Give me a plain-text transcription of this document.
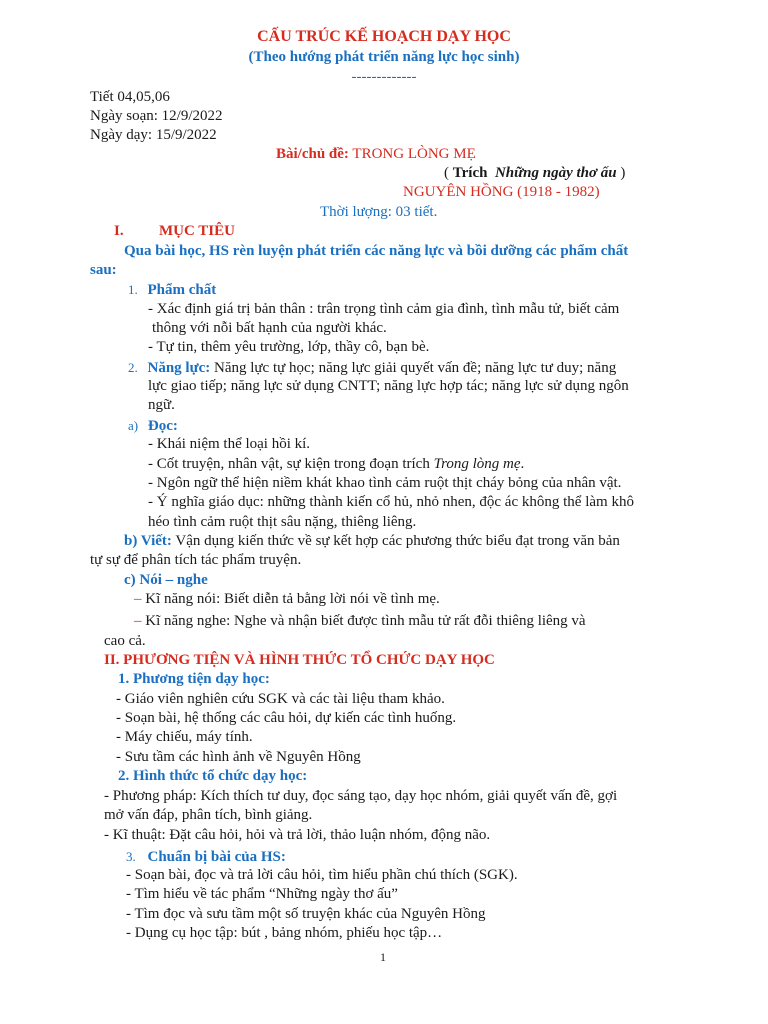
CẤU TRÚC KẾ HOẠCH DẠY HỌC
(Theo hướng phát triển năng lực học sinh)
-------------
Tiết 04,05,06
Ngày soạn: 12/9/2022
Ngày dạy: 15/9/2022
Bài/chủ đề: TRONG LÒNG MẸ
( Trích Những ngày thơ ấu )
NGUYÊN HỒNG (1918 - 1982)
Thời lượng: 03 tiết.
I. MỤC TIÊU
Qua bài học, HS rèn luyện phát triển các năng lực và bồi dưỡng các phẩm chất
sau:
1. Phẩm chất
- Xác định giá trị bản thân : trân trọng tình cảm gia đình, tình mẫu tử, biết cảm
thông với nỗi bất hạnh của người khác.
- Tự tin, thêm yêu trường, lớp, thầy cô, bạn bè.
2. Năng lực: Năng lực tự học; năng lực giải quyết vấn đề; năng lực tư duy; năng
lực giao tiếp; năng lực sử dụng CNTT; năng lực hợp tác; năng lực sử dụng ngôn
ngữ.
a) Đọc:
- Khái niệm thể loại hồi kí.
- Cốt truyện, nhân vật, sự kiện trong đoạn trích Trong lòng mẹ.
- Ngôn ngữ thể hiện niềm khát khao tình cảm ruột thịt cháy bỏng của nhân vật.
- Ý nghĩa giáo dục: những thành kiến cổ hủ, nhỏ nhen, độc ác không thể làm khô
héo tình cảm ruột thịt sâu nặng, thiêng liêng.
b) Viết: Vận dụng kiến thức về sự kết hợp các phương thức biểu đạt trong văn bản
tự sự để phân tích tác phẩm truyện.
c) Nói – nghe
– Kĩ năng nói: Biết diễn tả bằng lời nói về tình mẹ.
– Kĩ năng nghe: Nghe và nhận biết được tình mẫu tử rất đỗi thiêng liêng và
cao cả.
II. PHƯƠNG TIỆN VÀ HÌNH THỨC TỔ CHỨC DẠY HỌC
1. Phương tiện dạy học:
- Giáo viên nghiên cứu SGK và các tài liệu tham khảo.
- Soạn bài, hệ thống các câu hỏi, dự kiến các tình huống.
- Máy chiếu, máy tính.
- Sưu tầm các hình ảnh về Nguyên Hồng
2. Hình thức tổ chức dạy học:
- Phương pháp: Kích thích tư duy, đọc sáng tạo, dạy học nhóm, giải quyết vấn đề, gợi
mở vấn đáp, phân tích, bình giảng.
- Kĩ thuật: Đặt câu hỏi, hỏi và trả lời, thảo luận nhóm, động não.
3. Chuẩn bị bài của HS:
- Soạn bài, đọc và trả lời câu hỏi, tìm hiểu phần chú thích (SGK).
- Tìm hiểu về tác phẩm “Những ngày thơ ấu”
- Tìm đọc và sưu tầm một số truyện khác của Nguyên Hồng
- Dụng cụ học tập: bút , bảng nhóm, phiếu học tập…
1
